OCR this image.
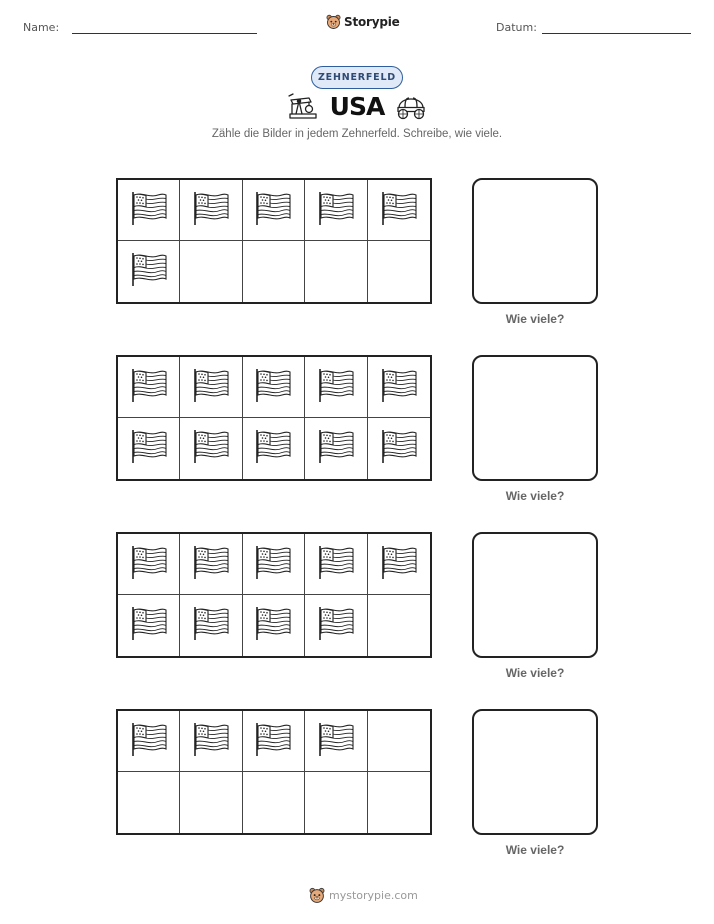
Name:	Storypie	Datum:
ZEHNERFELD
USA
Zähle die Bilder in jedem Zehnerfeld. Schreibe, wie viele.
Wie viele?
Wie viele?
Wie viele?
Wie viele?
mystorypie.com
